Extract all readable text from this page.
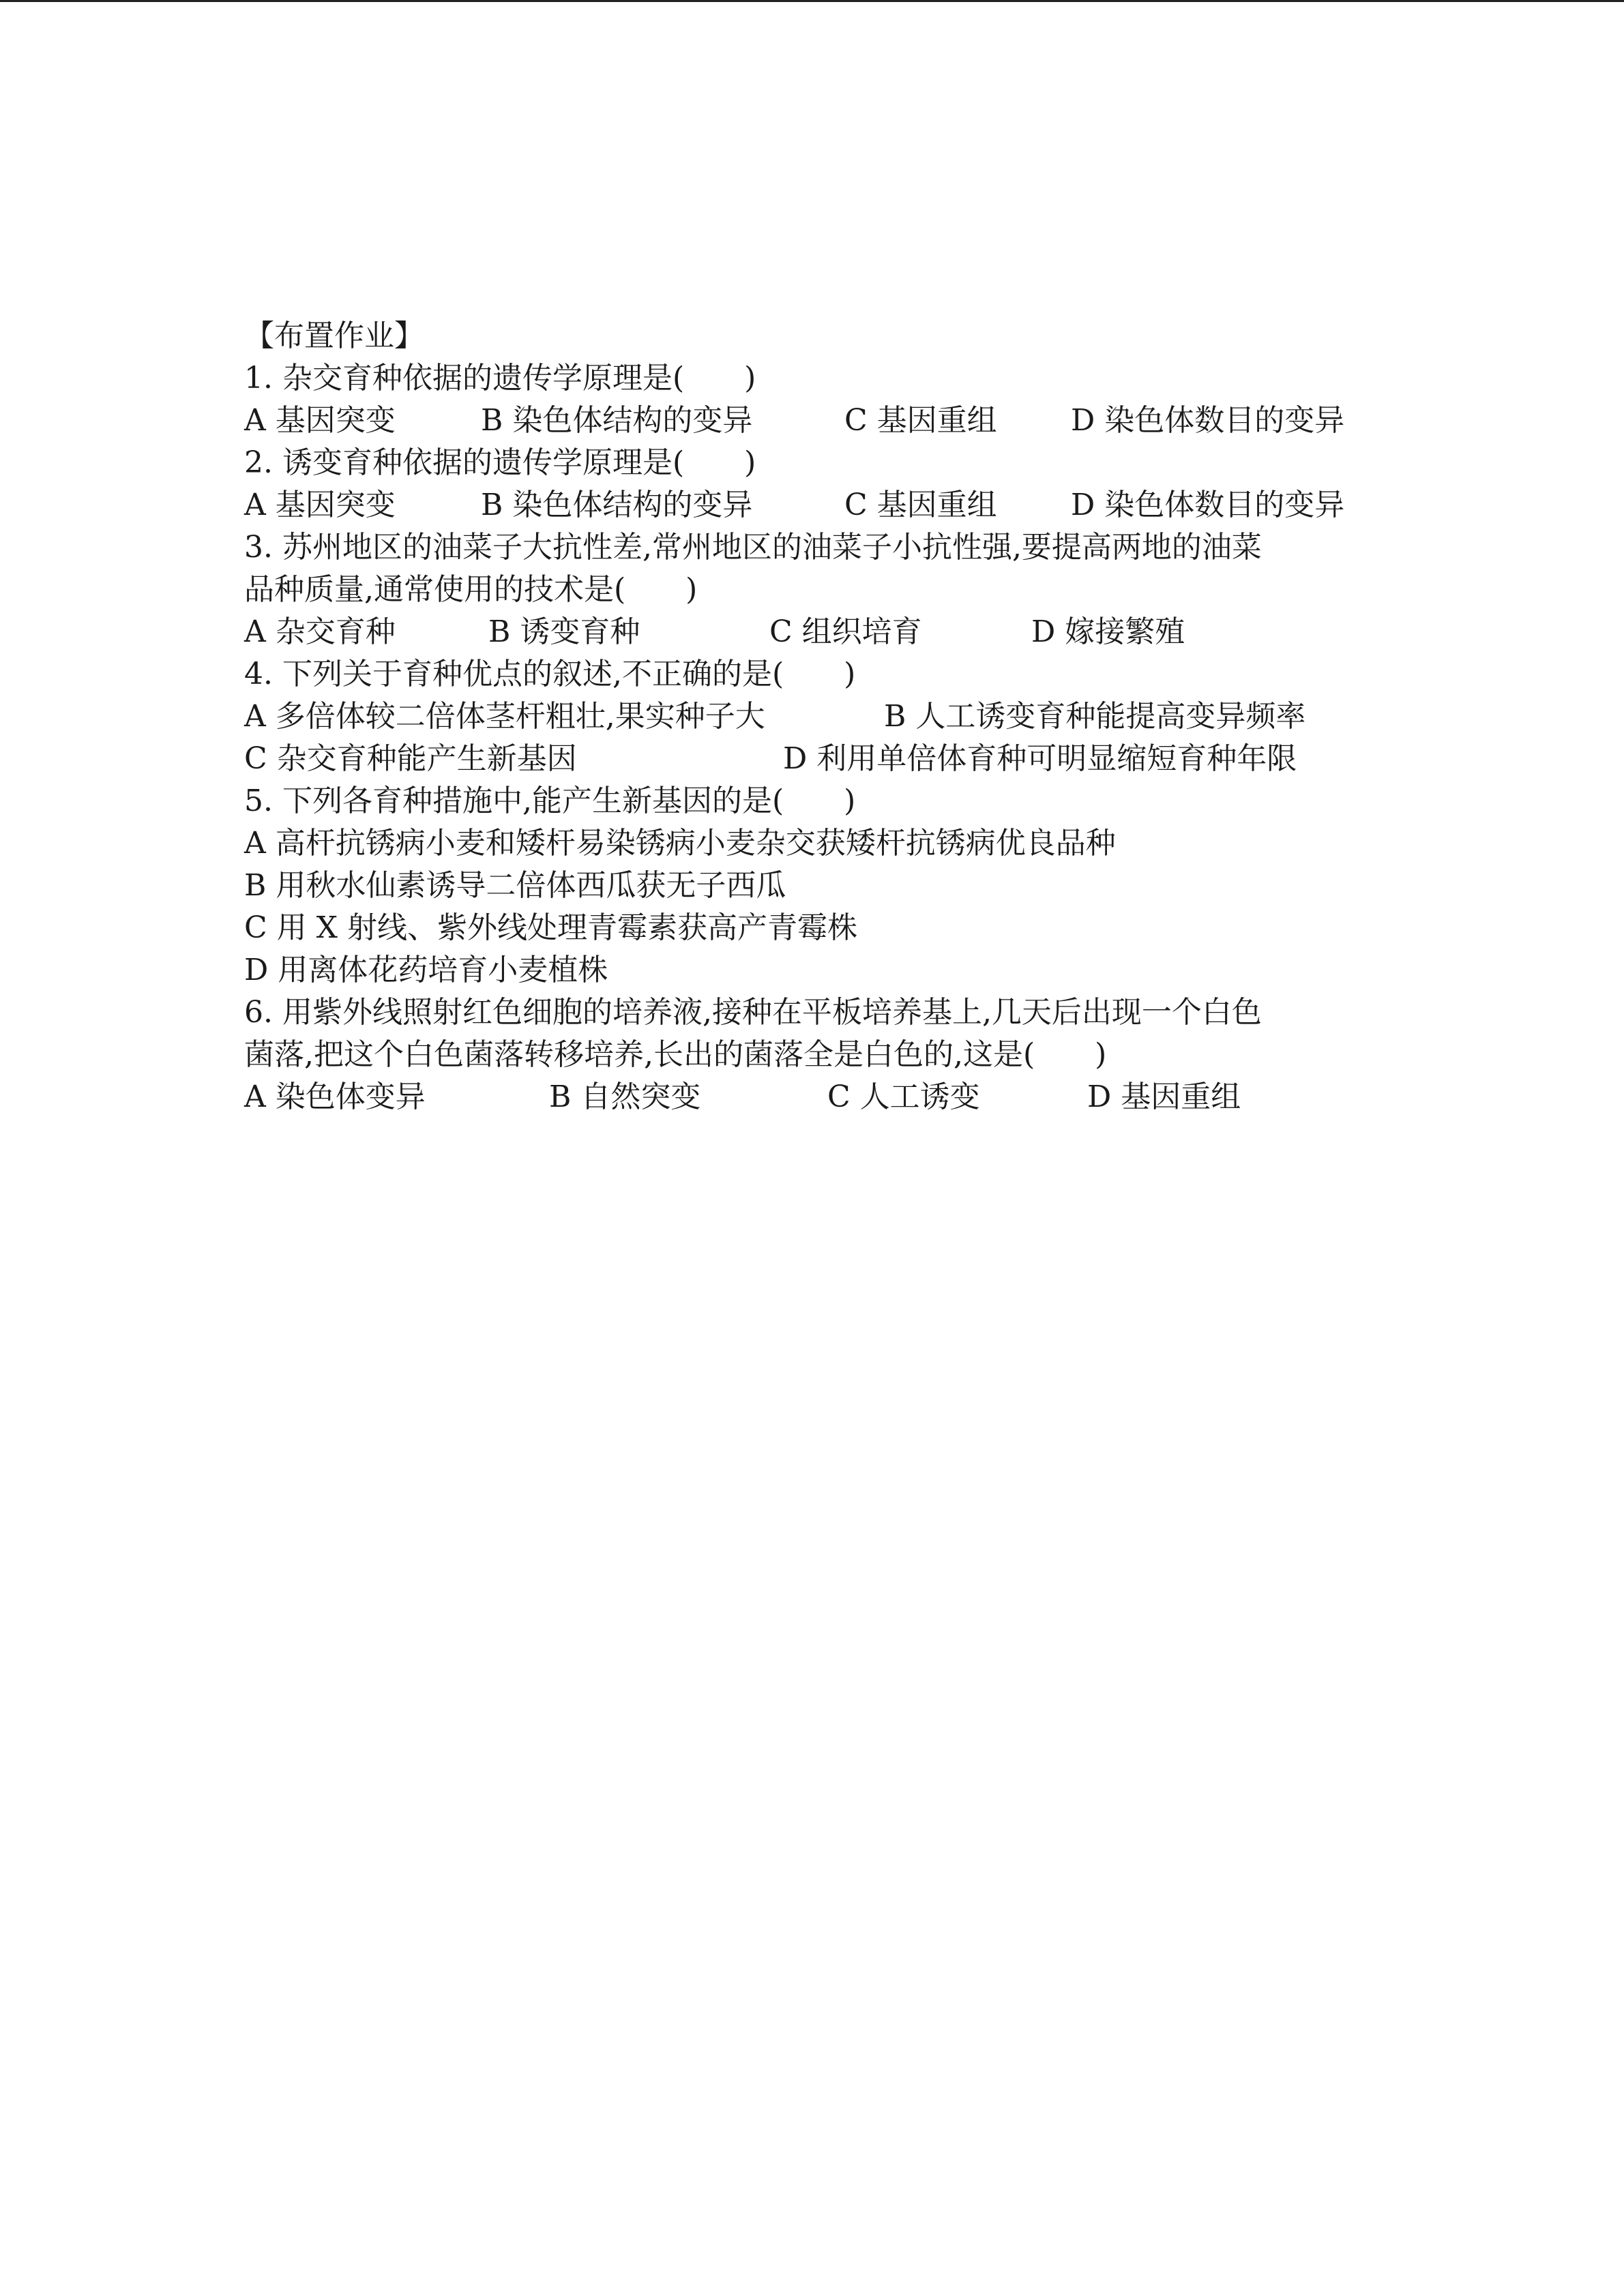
【布置作业】
1. 杂交育种依据的遗传学原理是(　　)
A 基因突变	B 染色体结构的变异	C 基因重组 D 染色体数目的变异
2. 诱变育种依据的遗传学原理是(　　)
A 基因突变	B 染色体结构的变异	C 基因重组 D 染色体数目的变异
3. 苏州地区的油菜子大抗性差,常州地区的油菜子小抗性强,要提高两地的油菜
品种质量,通常使用的技术是(　　)
A 杂交育种	B 诱变育种	C 组织培育	D 嫁接繁殖
4. 下列关于育种优点的叙述,不正确的是(　　)
A 多倍体较二倍体茎杆粗壮,果实种子大	B 人工诱变育种能提高变异频率
C 杂交育种能产生新基因	D 利用单倍体育种可明显缩短育种年限
5. 下列各育种措施中,能产生新基因的是(　　)
A 高杆抗锈病小麦和矮杆易染锈病小麦杂交获矮杆抗锈病优良品种
B 用秋水仙素诱导二倍体西瓜获无子西瓜
C 用 X 射线、紫外线处理青霉素获高产青霉株
D 用离体花药培育小麦植株
6. 用紫外线照射红色细胞的培养液,接种在平板培养基上,几天后出现一个白色
菌落,把这个白色菌落转移培养,长出的菌落全是白色的,这是(　　)
A 染色体变异	B 自然突变	C 人工诱变	D 基因重组
